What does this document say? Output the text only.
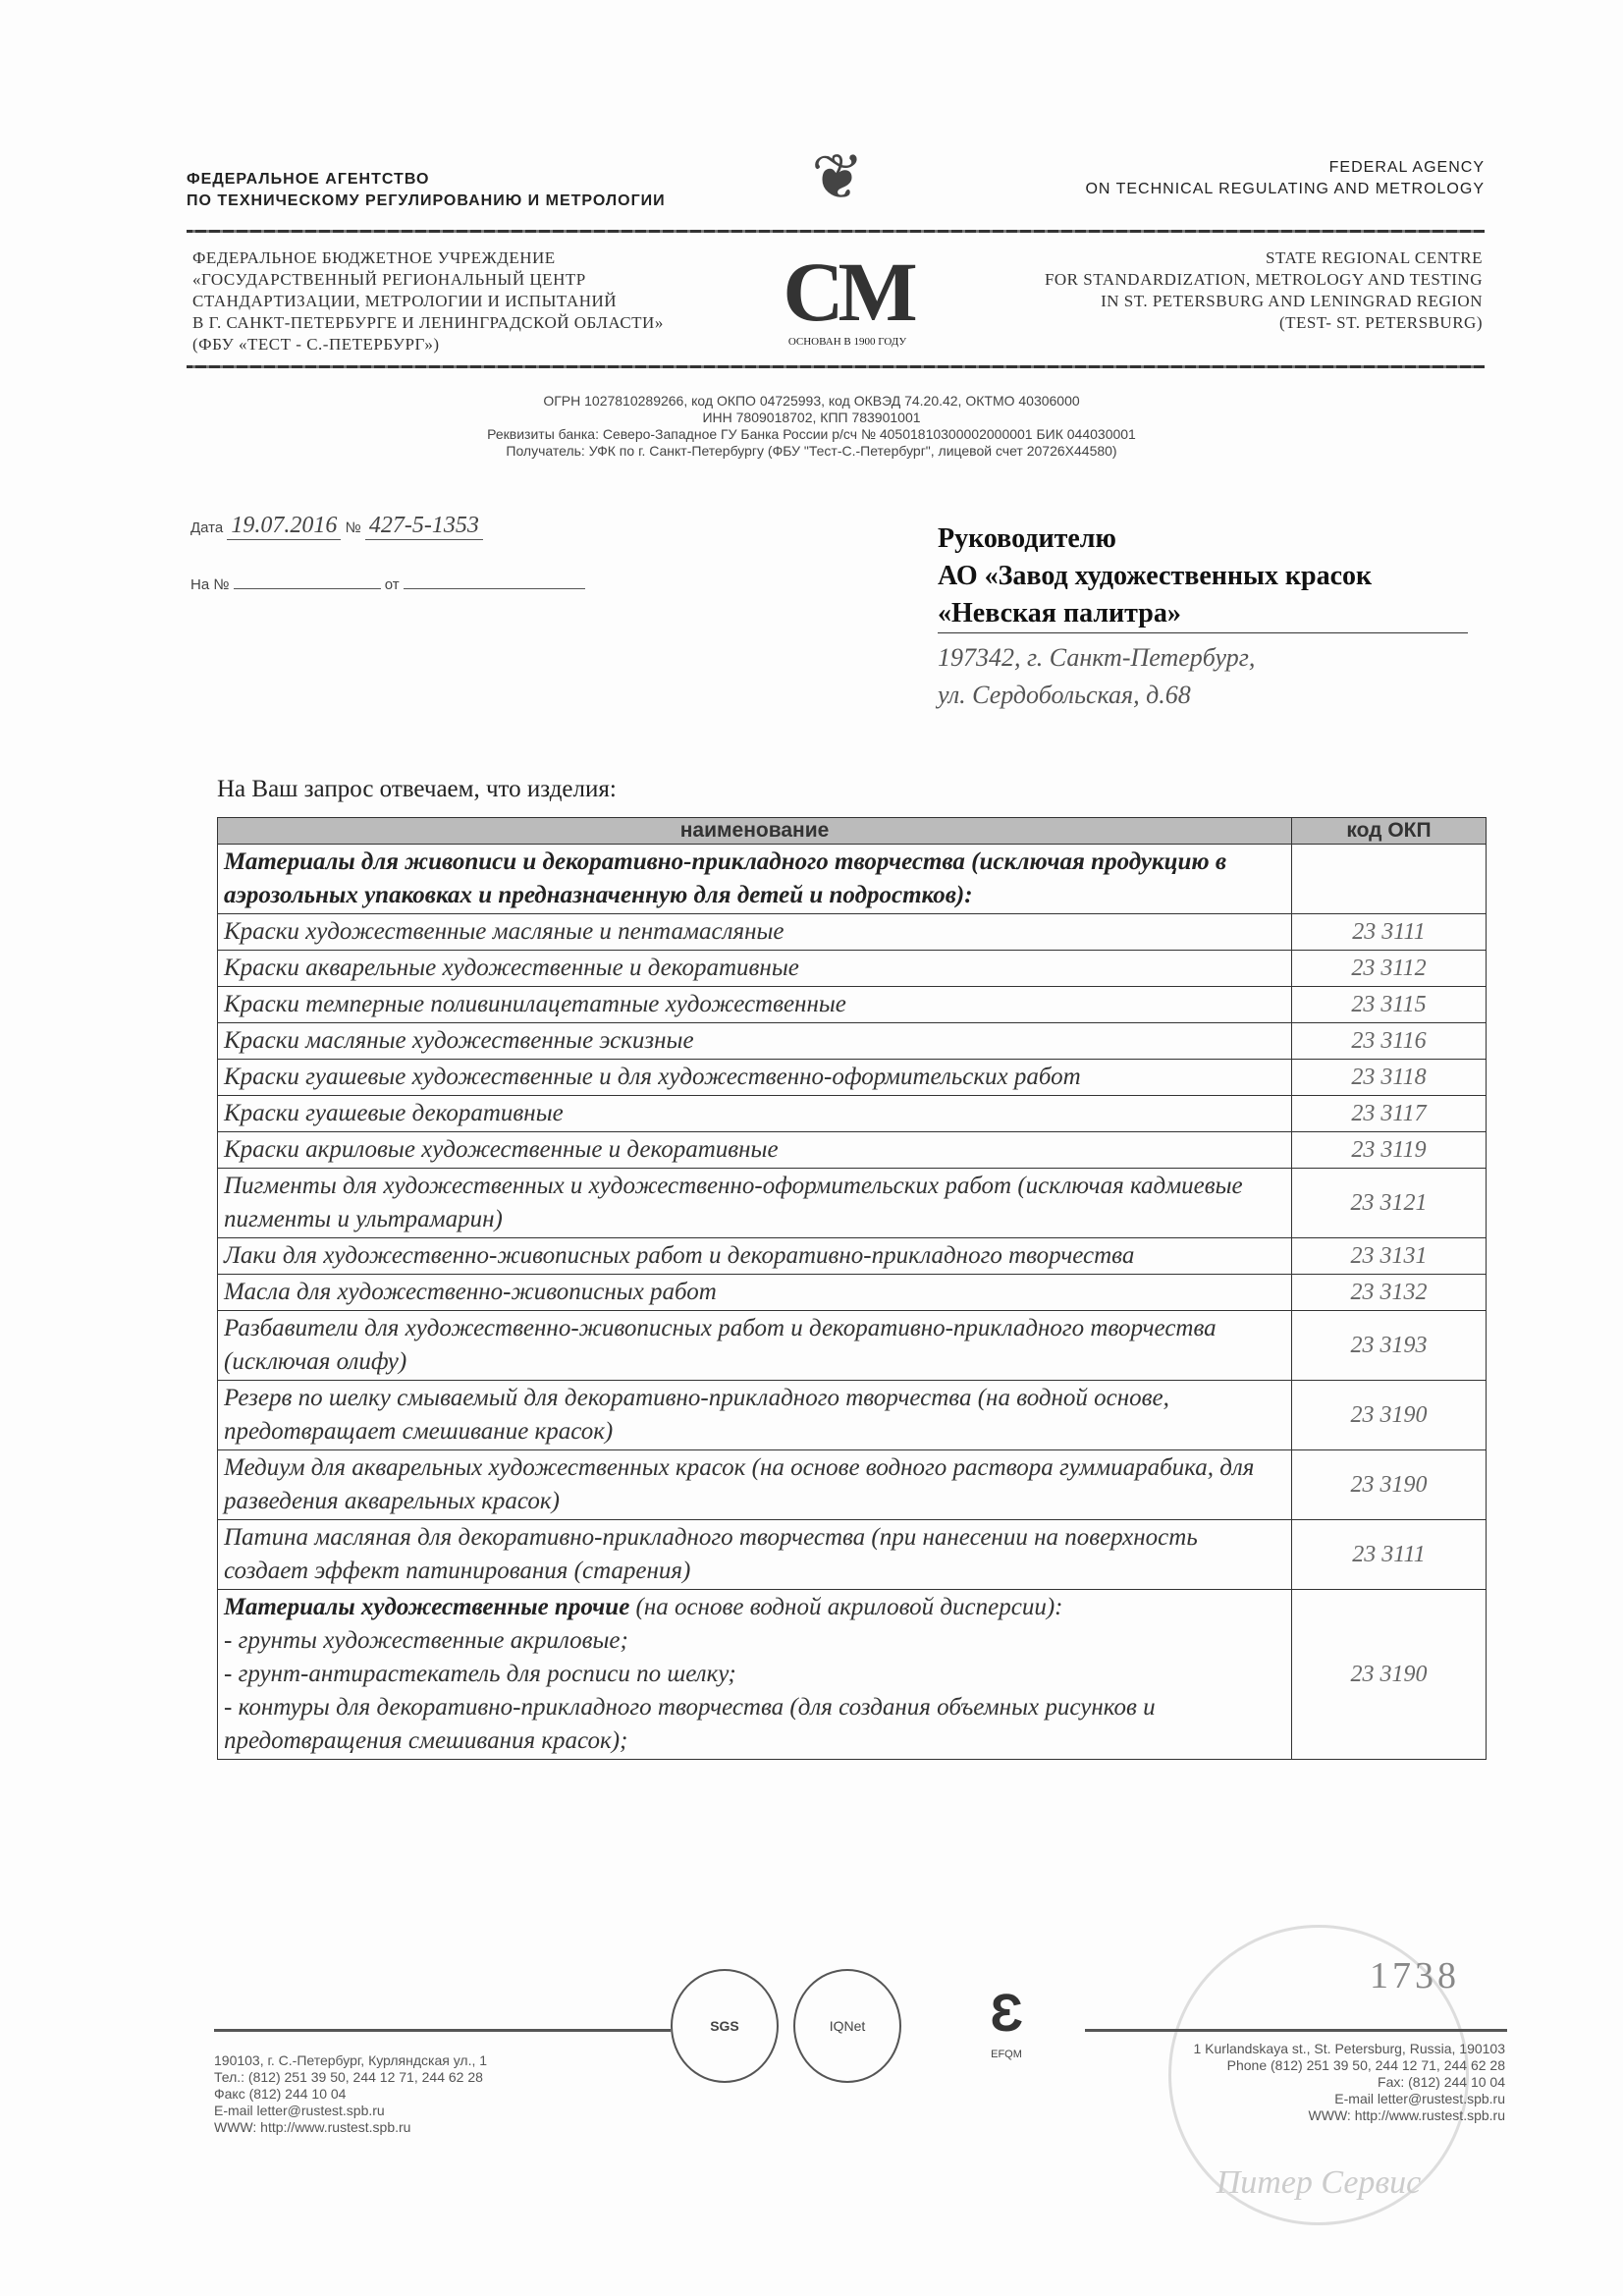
ФЕДЕРАЛЬНОЕ АГЕНТСТВО
ПО ТЕХНИЧЕСКОМУ РЕГУЛИРОВАНИЮ И МЕТРОЛОГИИ ❦	FEDERAL AGENCY
ON TECHNICAL REGULATING AND METROLOGY
ФЕДЕРАЛЬНОЕ БЮДЖЕТНОЕ УЧРЕЖДЕНИЕ
«ГОСУДАРСТВЕННЫЙ РЕГИОНАЛЬНЫЙ ЦЕНТР
СТАНДАРТИЗАЦИИ, МЕТРОЛОГИИ И ИСПЫТАНИЙ
В Г. САНКТ-ПЕТЕРБУРГЕ И ЛЕНИНГРАДСКОЙ ОБЛАСТИ»
(ФБУ «ТЕСТ - С.-ПЕТЕРБУРГ»)
CM
ОСНОВАН В 1900 ГОДУ
STATE REGIONAL CENTRE
FOR STANDARDIZATION, METROLOGY AND TESTING
IN ST. PETERSBURG AND LENINGRAD REGION
(TEST- ST. PETERSBURG)
ОГРН 1027810289266, код ОКПО 04725993, код ОКВЭД 74.20.42, ОКТМО 40306000
ИНН 7809018702, КПП 783901001
Реквизиты банка: Северо-Западное ГУ Банка России р/сч № 40501810300002000001 БИК 044030001
Получатель: УФК по г. Санкт-Петербургу (ФБУ "Тест-С.-Петербург", лицевой счет 20726Х44580)
Дата 19.07.2016 № 427-5-1353
На №	от
Руководителю
АО «Завод художественных красок
«Невская палитра»
197342, г. Санкт-Петербург,
ул. Сердобольская, д.68
На Ваш запрос отвечаем, что изделия:
наименование	код ОКП
Материалы для живописи и декоративно-прикладного творчества (исключая продукцию в аэрозольных упаковках и предназначенную для детей и подростков):	
Краски художественные масляные и пентамасляные	23 3111
Краски акварельные художественные и декоративные	23 3112
Краски темперные поливинилацетатные художественные	23 3115
Краски масляные художественные эскизные	23 3116
Краски гуашевые художественные и для художественно-оформительских работ	23 3118
Краски гуашевые декоративные	23 3117
Краски акриловые художественные и декоративные	23 3119
Пигменты для художественных и художественно-оформительских работ (исключая кадмиевые пигменты и ультрамарин)	23 3121
Лаки для художественно-живописных работ и декоративно-прикладного творчества	23 3131
Масла для художественно-живописных работ	23 3132
Разбавители для художественно-живописных работ и декоративно-прикладного творчества (исключая олифу)	23 3193
Резерв по шелку смываемый для декоративно-прикладного творчества (на водной основе, предотвращает смешивание красок)	23 3190
Медиум для акварельных художественных красок (на основе водного раствора гуммиарабика, для разведения акварельных красок)	23 3190
Патина масляная для декоративно-прикладного творчества (при нанесении на поверхность создает эффект патинирования (старения)	23 3111

Материалы художественные прочие (на основе водной акриловой дисперсии):
- грунты художественные акриловые;
- грунт-антирастекатель для росписи по шелку;
- контуры для декоративно-прикладного творчества (для создания объемных рисунков и предотвращения смешивания красок);	23 3190
Питер Сервис
1738
190103, г. С.-Петербург, Курляндская ул., 1
Тел.: (812) 251 39 50, 244 12 71, 244 62 28
Факс (812) 244 10 04
E-mail letter@rustest.spb.ru
WWW: http://www.rustest.spb.ru
SGS	IQNet	Ɛ
EFQM	1 Kurlandskaya st., St. Petersburg, Russia, 190103
Phone (812) 251 39 50, 244 12 71, 244 62 28
Fax: (812) 244 10 04
E-mail letter@rustest.spb.ru
WWW: http://www.rustest.spb.ru
